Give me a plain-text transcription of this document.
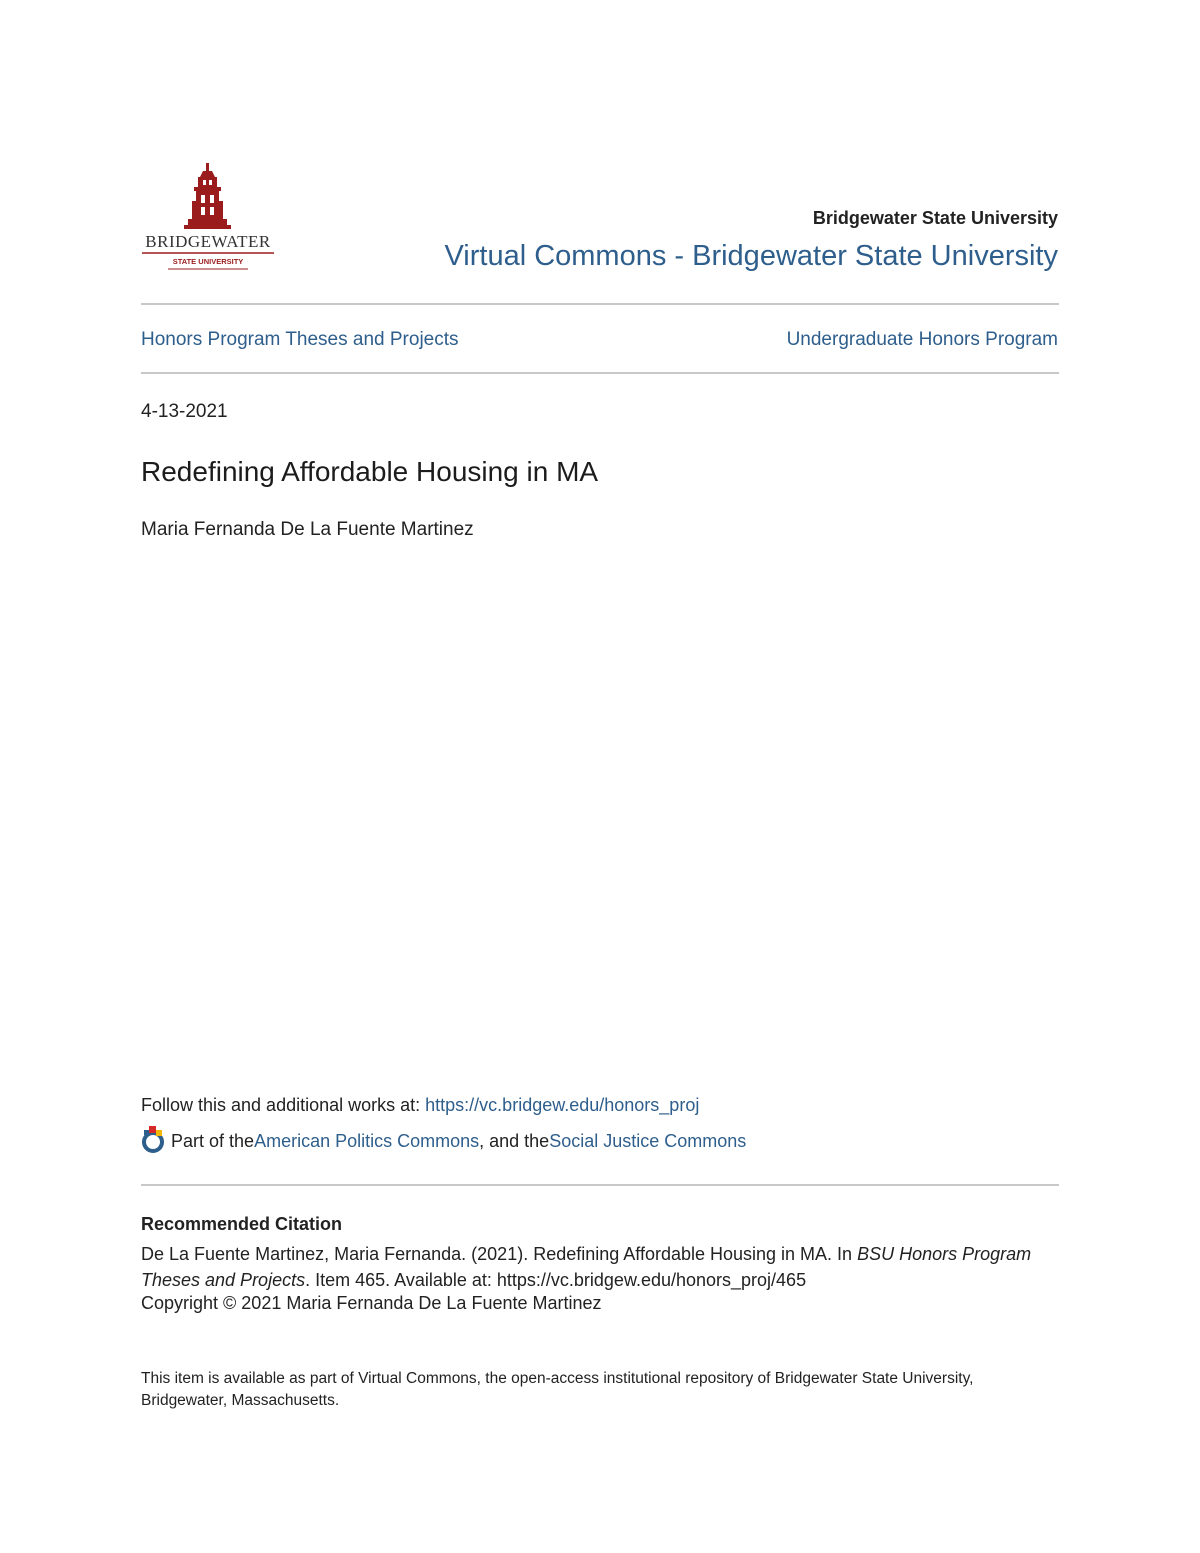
BRIDGEWATER
STATE UNIVERSITY
Bridgewater State University
Virtual Commons - Bridgewater State University
Honors Program Theses and Projects	Undergraduate Honors Program
4-13-2021
Redefining Affordable Housing in MA
Maria Fernanda De La Fuente Martinez
Follow this and additional works at: https://vc.bridgew.edu/honors_proj
Part of the American Politics Commons , and the Social Justice Commons
Recommended Citation
De La Fuente Martinez, Maria Fernanda. (2021). Redefining Affordable Housing in MA. In BSU Honors Program Theses and Projects. Item 465. Available at: https://vc.bridgew.edu/honors_proj/465
Copyright © 2021 Maria Fernanda De La Fuente Martinez
This item is available as part of Virtual Commons, the open-access institutional repository of Bridgewater State University, Bridgewater, Massachusetts.
